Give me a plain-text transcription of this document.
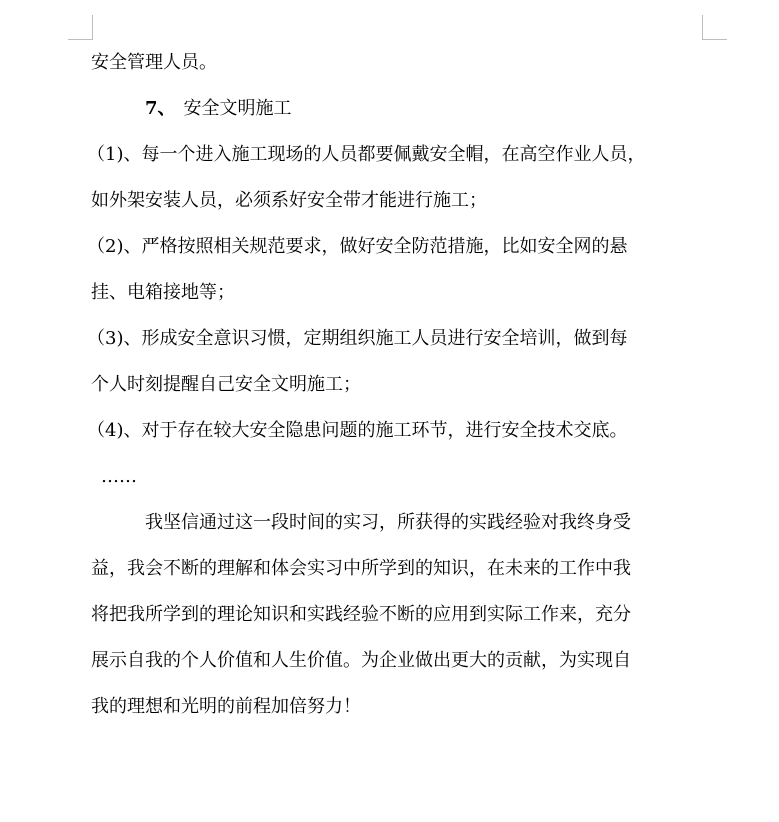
安全管理人员。
7、 安全文明施工
（1)、每一个进入施工现场的人员都要佩戴安全帽，在高空作业人员，
如外架安装人员，必须系好安全带才能进行施工；
（2)、严格按照相关规范要求，做好安全防范措施，比如安全网的悬
挂、电箱接地等；
（3)、形成安全意识习惯，定期组织施工人员进行安全培训，做到每
个人时刻提醒自己安全文明施工；
（4)、对于存在较大安全隐患问题的施工环节，进行安全技术交底。
……
我坚信通过这一段时间的实习，所获得的实践经验对我终身受
益，我会不断的理解和体会实习中所学到的知识，在未来的工作中我
将把我所学到的理论知识和实践经验不断的应用到实际工作来，充分
展示自我的个人价值和人生价值。为企业做出更大的贡献，为实现自
我的理想和光明的前程加倍努力！
